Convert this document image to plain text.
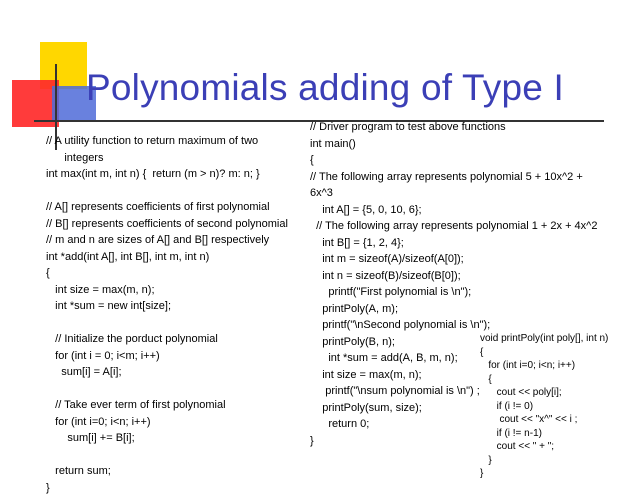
Polynomials adding of Type I
// A utility function to return maximum of two
integers
int max(int m, int n) {  return (m > n)? m: n; }
// A[] represents coefficients of first polynomial
// B[] represents coefficients of second polynomial
// m and n are sizes of A[] and B[] respectively
int *add(int A[], int B[], int m, int n)
{
int size = max(m, n);
int *sum = new int[size];
// Initialize the porduct polynomial
for (int i = 0; i<m; i++)
sum[i] = A[i];
// Take ever term of first polynomial
for (int i=0; i<n; i++)
sum[i] += B[i];
return sum;
}
// Driver program to test above functions
int main()
{
// The following array represents polynomial 5 + 10x^2 +
6x^3
int A[] = {5, 0, 10, 6};
// The following array represents polynomial 1 + 2x + 4x^2
int B[] = {1, 2, 4};
int m = sizeof(A)/sizeof(A[0]);
int n = sizeof(B)/sizeof(B[0]);
printf("First polynomial is \n");
printPoly(A, m);
printf("\nSecond polynomial is \n");
printPoly(B, n);
int *sum = add(A, B, m, n);
int size = max(m, n);
printf("\nsum polynomial is \n") ;
printPoly(sum, size);
return 0;
}
void printPoly(int poly[], int n)
{
for (int i=0; i<n; i++)
{
cout << poly[i];
if (i != 0)
cout << "x^" << i ;
if (i != n-1)
cout << " + ";
}
}
